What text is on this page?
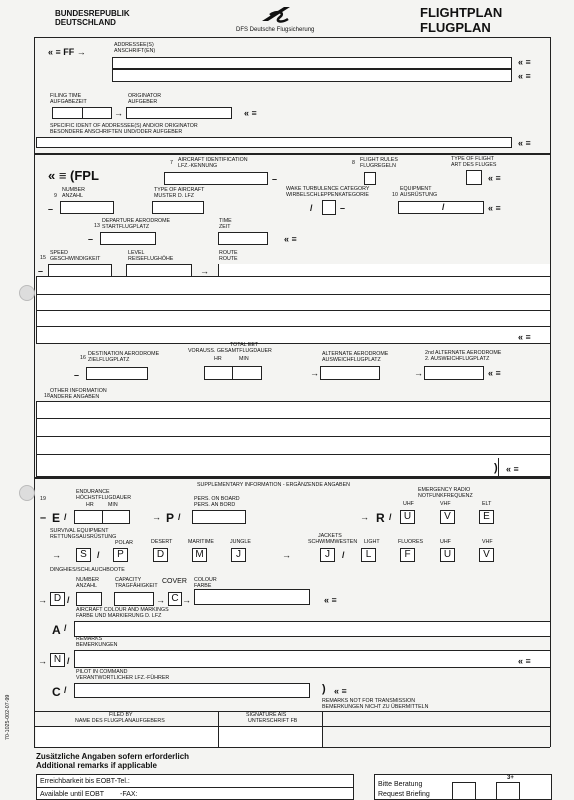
BUNDESREPUBLIK
DEUTSCHLAND
DFS Deutsche Flugsicherung
FLIGHTPLAN
FLUGPLAN
« ≡ FF →
ADDRESSEE(S)
ANSCHRIFT(EN)
« ≡
« ≡
FILING TIME
AUFGABEZEIT
ORIGINATOR
AUFGEBER
→	« ≡
SPECIFIC IDENT OF ADDRESSEE(S) AND/OR ORIGINATOR
BESONDERE ANSCHRIFTEN UND/ODER AUFGEBER
« ≡
« ≡ (FPL
7 AIRCRAFT IDENTIFICATION
LFZ.-KENNUNG
–
8 FLIGHT RULES
FLUGREGELN
TYPE OF FLIGHT
ART DES FLUGES
« ≡
9
NUMBER
ANZAHL
–
TYPE OF AIRCRAFT
MUSTER D. LFZ
WAKE TURBULENCE CATEGORY
WIRBELSCHLEPPENKATEGORIE
/	–
10
EQUIPMENT
AUSRÜSTUNG
/	« ≡
13
DEPARTURE AERODROME
STARTFLUGPLATZ
–
TIME
ZEIT
« ≡
15
SPEED
GESCHWINDIGKEIT
–
LEVEL
REISEFLUGHÖHE
→
ROUTE
ROUTE
« ≡
16
DESTINATION AERODROME
ZIELFLUGPLATZ
–
TOTAL EET
VORAUSS. GESAMTFLUGDAUER
HR	MIN
ALTERNATE AERODROME
AUSWEICHFLUGPLATZ
→
2nd ALTERNATE AERODROME
2. AUSWEICHFLUGPLATZ
→	« ≡
18
OTHER INFORMATION
ANDERE ANGABEN
) « ≡
SUPPLEMENTARY INFORMATION - ERGÄNZENDE ANGABEN
19
ENDURANCE
HÖCHSTFLUGDAUER
HR	MIN
– E /
PERS. ON BOARD
PERS. AN BORD
→ P /
EMERGENCY RADIO
NOTFUNKFREQUENZ
UHF	VHF	ELT
→ R /	U	V	E
SURVIVAL EQUIPMENT
RETTUNGSAUSRÜSTUNG
POLAR	DESERT	MARITIME	JUNGLE
JACKETS
SCHWIMMWESTEN LIGHT	FLUORES	UHF	VHF
→	S	/	P	D	M	J	→	J	/	L	F	U	V
DINGHIES/SCHLAUCHBOOTE
NUMBER
ANZAHL
CAPACITY
TRAGFÄHIGKEIT
COVER COLOUR
FARBE
→ D /	→ C →	« ≡
AIRCRAFT COLOUR AND MARKINGS
FARBE UND MARKIERUNG D. LFZ
A /
REMARKS
BEMERKUNGEN
→ N /	« ≡
PILOT IN COMMAND
VERANTWORTLICHER LFZ.-FÜHRER
C /	) « ≡
REMARKS NOT FOR TRANSMISSION
BEMERKUNGEN NICHT ZU ÜBERMITTELN
FILED BY
NAME DES FLUGPLANAUFGEBERS
SIGNATURE AIS
UNTERSCHRIFT FB
70-1025-002-07-99
Zusätzliche Angaben sofern erforderlich
Additional remarks if applicable
Erreichbarkeit bis EOBT-Tel.:
Available until EOBT -FAX:
Bitte Beratung
Request Briefing
3+
